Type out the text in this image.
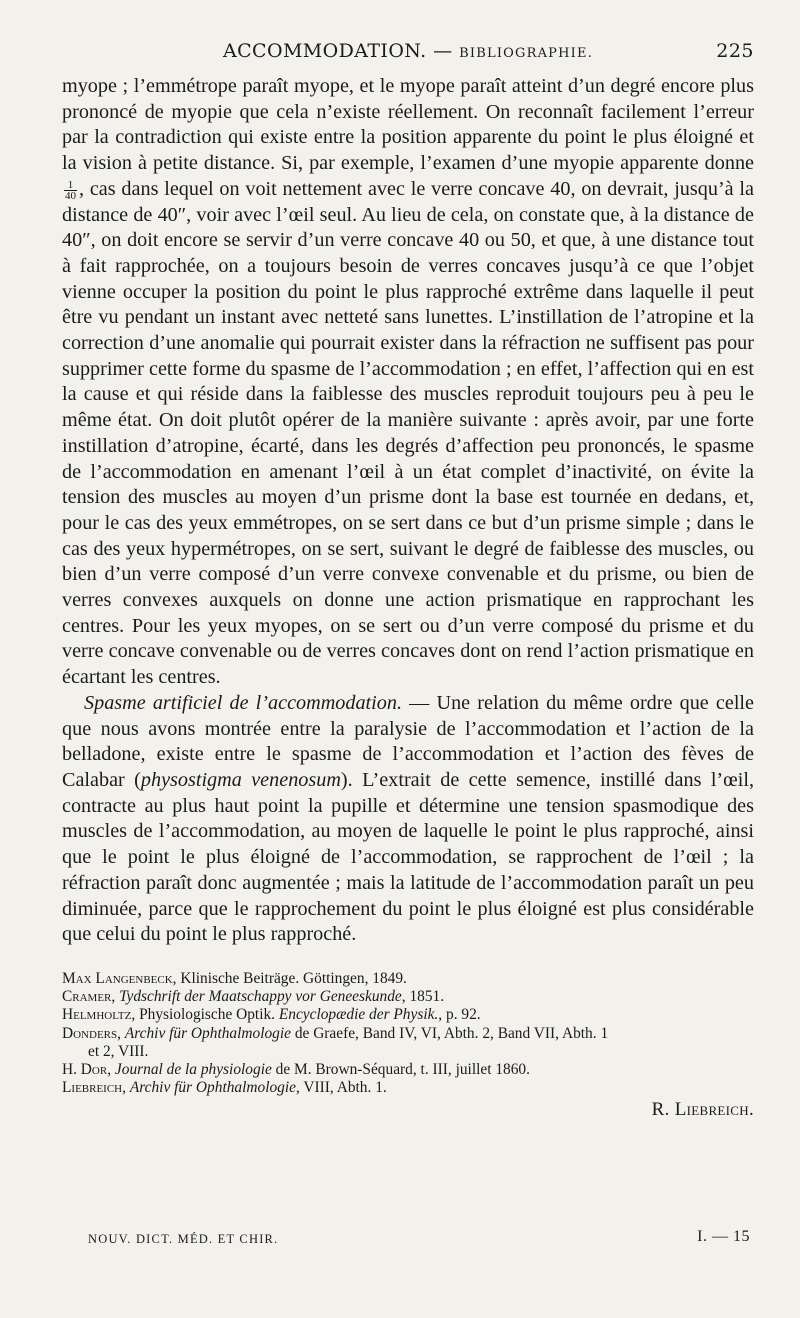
ACCOMMODATION. — BIBLIOGRAPHIE.	225

myope ; l’emmétrope paraît myope, et le myope paraît atteint d’un degré encore plus prononcé de myopie que cela n’existe réellement. On reconnaît facilement l’erreur par la contradiction qui existe entre la position apparente du point le plus éloigné et la vision à petite distance. Si, par exemple, l’examen d’une myopie apparente donne
$\frac{1}{40}$ , cas dans lequel on voit nettement avec le verre concave 40, on devrait, jusqu’à la distance de 40″, voir avec l’œil seul. Au lieu de cela, on constate que, à la distance de 40″, on doit encore se servir d’un verre concave 40 ou 50, et que, à une distance tout à fait rapprochée, on a toujours besoin de verres concaves jusqu’à ce que l’objet vienne occuper la position du point le plus rapproché extrême dans laquelle il peut être vu pendant un instant avec netteté sans lunettes. L’instillation de l’atropine et la correction d’une anomalie qui pourrait exister dans la réfraction ne suffisent pas pour supprimer cette forme du spasme de l’accommodation ; en effet, l’affection qui en est la cause et qui réside dans la faiblesse des muscles reproduit toujours peu à peu le même état. On doit plutôt opérer de la manière suivante : après avoir, par une forte instillation d’atropine, écarté, dans les degrés d’affection peu prononcés, le spasme de l’accommodation en amenant l’œil à un état complet d’inactivité, on évite la tension des muscles au moyen d’un prisme dont la base est tournée en dedans, et, pour le cas des yeux emmétropes, on se sert dans ce but d’un prisme simple ; dans le cas des yeux hypermétropes, on se sert, suivant le degré de faiblesse des muscles, ou bien d’un verre composé d’un verre convexe convenable et du prisme, ou bien de verres convexes auxquels on donne une action prismatique en rapprochant les centres. Pour les yeux myopes, on se sert ou d’un verre composé du prisme et du verre concave convenable ou de verres concaves dont on rend l’action prismatique en écartant les centres.

Spasme artificiel de l’accommodation. — Une relation du même ordre que celle que nous avons montrée entre la paralysie de l’accommodation et l’action de la belladone, existe entre le spasme de l’accommodation et l’action des fèves de Calabar (physostigma venenosum). L’extrait de cette semence, instillé dans l’œil, contracte au plus haut point la pupille et détermine une tension spasmodique des muscles de l’accommodation, au moyen de laquelle le point le plus rapproché, ainsi que le point le plus éloigné de l’accommodation, se rapprochent de l’œil ; la réfraction paraît donc augmentée ; mais la latitude de l’accommodation paraît un peu diminuée, parce que le rapprochement du point le plus éloigné est plus considérable que celui du point le plus rapproché.

Max Langenbeck, Klinische Beiträge. Göttingen, 1849.

Cramer, Tydschrift der Maatschappy vor Geneeskunde, 1851.

Helmholtz, Physiologische Optik. Encyclopædie der Physik., p. 92.

Donders, Archiv für Ophthalmologie de Graefe, Band IV, VI, Abth. 2, Band VII, Abth. 1
et 2, VIII.

H. Dor, Journal de la physiologie de M. Brown-Séquard, t. III, juillet 1860.

Liebreich, Archiv für Ophthalmologie, VIII, Abth. 1.

R. Liebreich.
NOUV. DICT. MÉD. ET CHIR.	I. — 15
